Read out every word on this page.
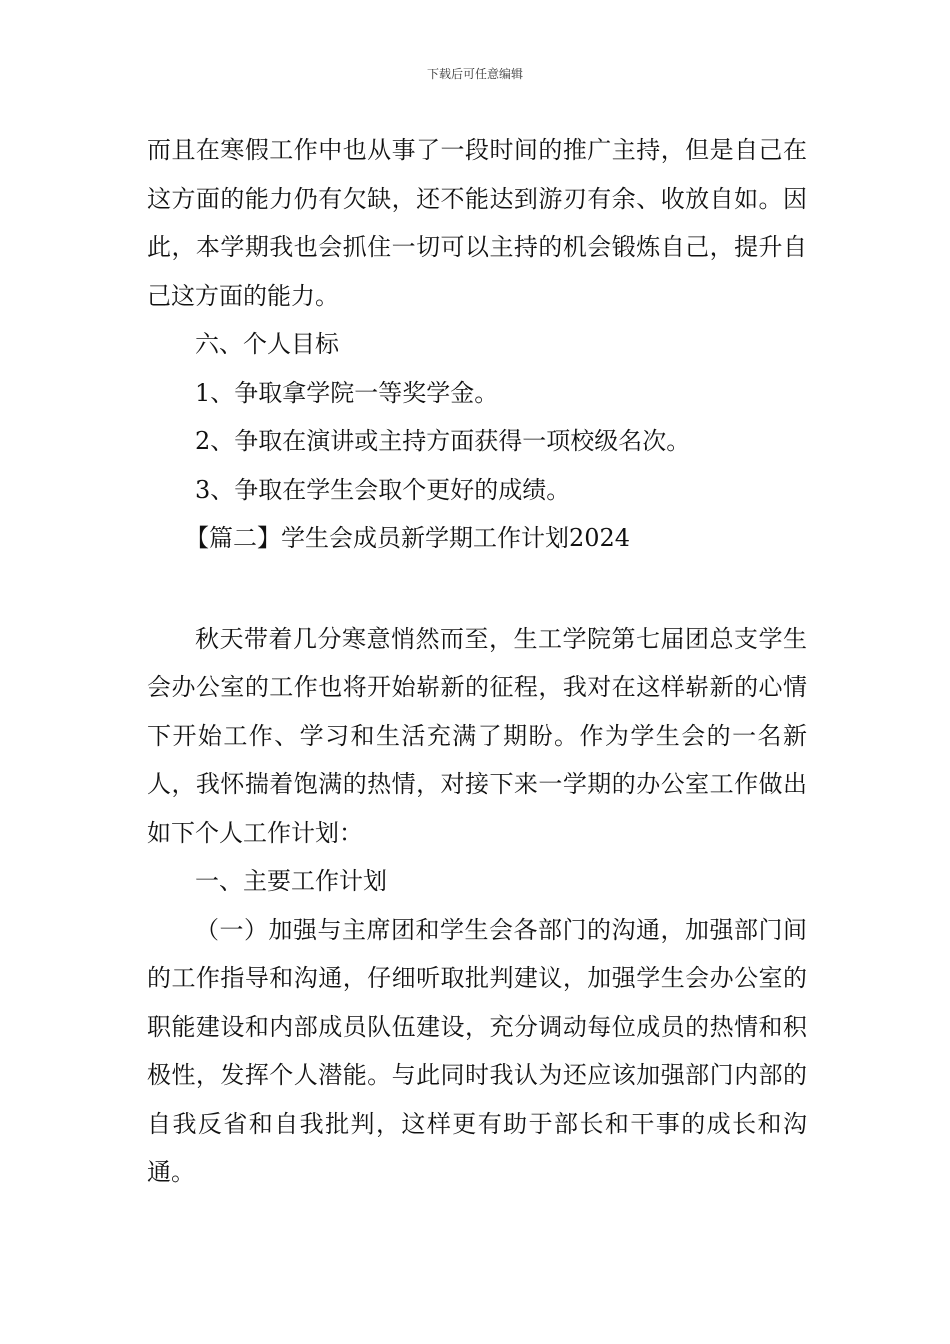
下载后可任意编辑

而且在寒假工作中也从事了一段时间的推广主持，但是自己在这方面的能力仍有欠缺，还不能达到游刃有余、收放自如。因此，本学期我也会抓住一切可以主持的机会锻炼自己，提升自己这方面的能力。

六、个人目标

1、争取拿学院一等奖学金。

2、争取在演讲或主持方面获得一项校级名次。

3、争取在学生会取个更好的成绩。

【篇二】学生会成员新学期工作计划2024

秋天带着几分寒意悄然而至，生工学院第七届团总支学生会办公室的工作也将开始崭新的征程，我对在这样崭新的心情下开始工作、学习和生活充满了期盼。作为学生会的一名新人，我怀揣着饱满的热情，对接下来一学期的办公室工作做出如下个人工作计划：

一、主要工作计划

（一）加强与主席团和学生会各部门的沟通，加强部门间的工作指导和沟通，仔细听取批判建议，加强学生会办公室的职能建设和内部成员队伍建设，充分调动每位成员的热情和积极性，发挥个人潜能。与此同时我认为还应该加强部门内部的自我反省和自我批判，这样更有助于部长和干事的成长和沟通。
